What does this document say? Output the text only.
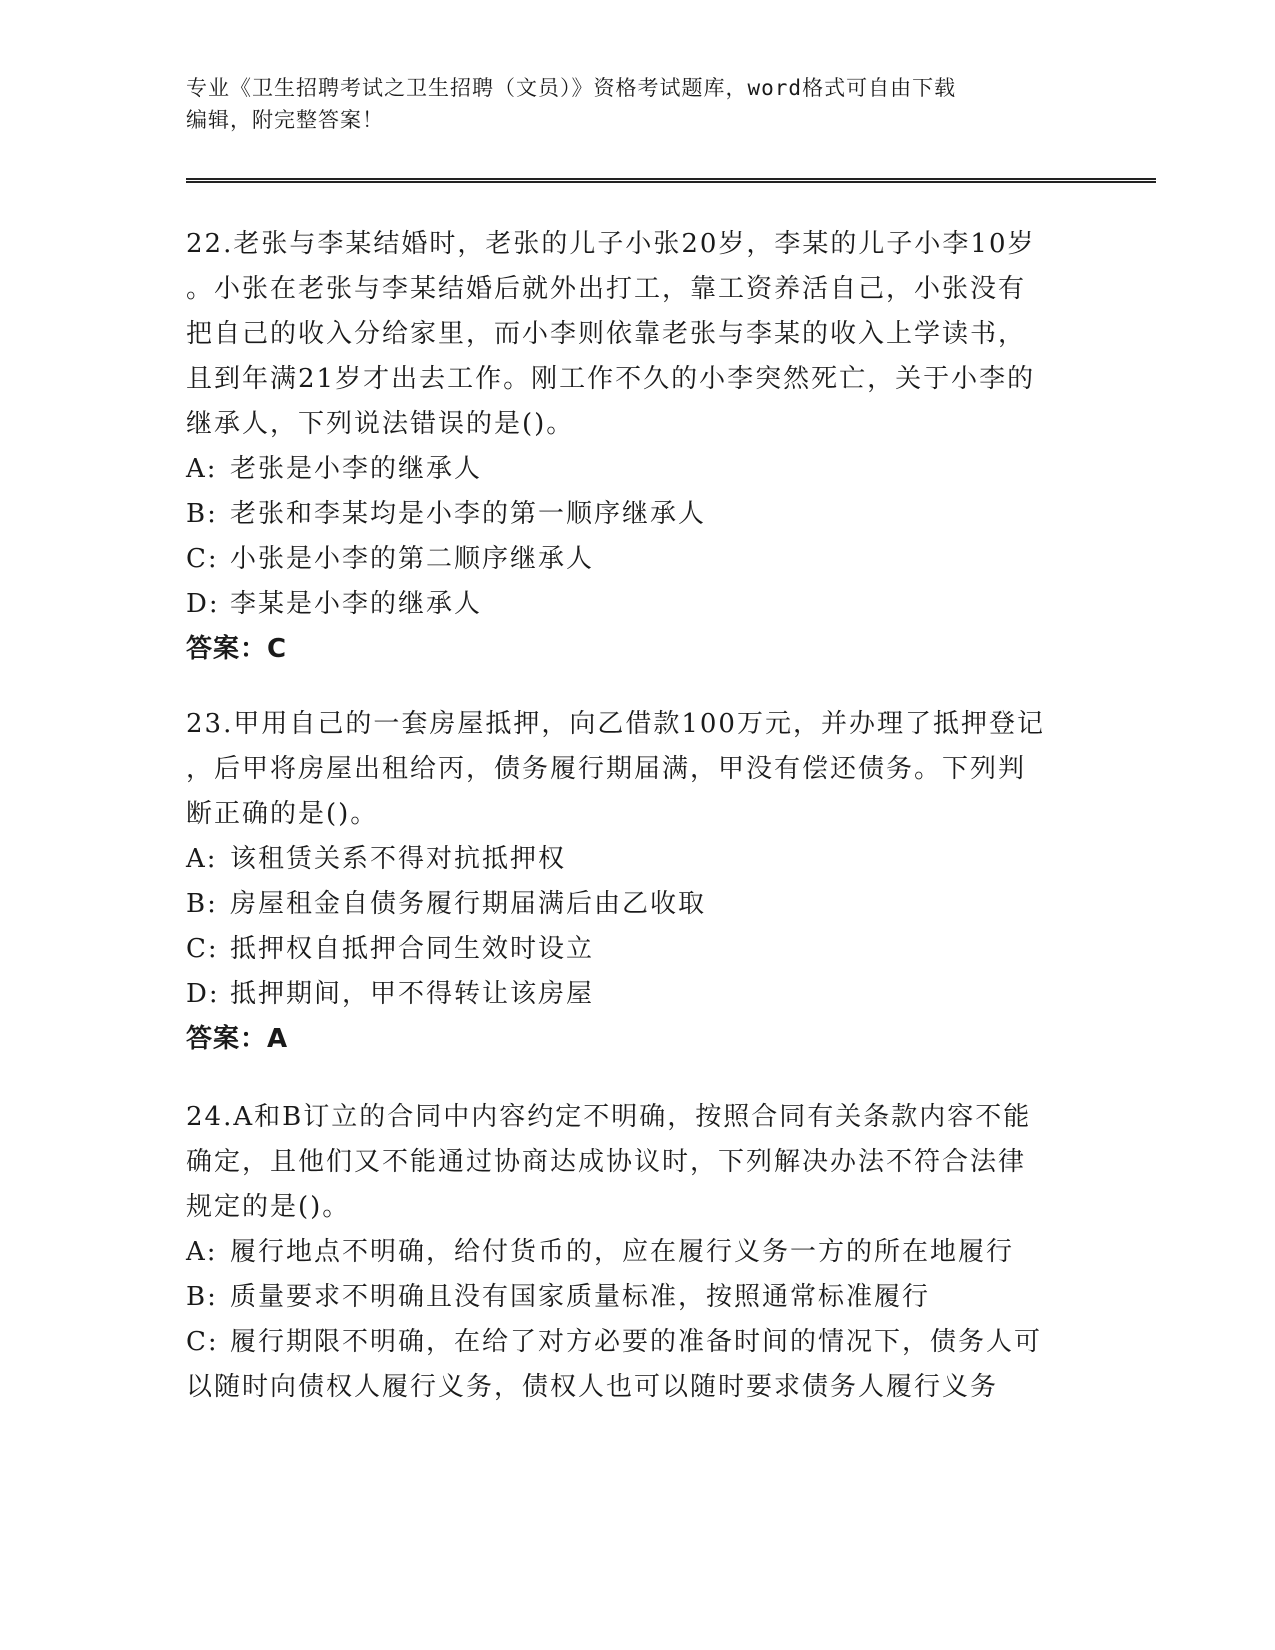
专业《卫生招聘考试之卫生招聘（文员）》资格考试题库，word格式可自由下载
编辑，附完整答案！

22.老张与李某结婚时，老张的儿子小张20岁，李某的儿子小李10岁

。小张在老张与李某结婚后就外出打工，靠工资养活自己，小张没有

把自己的收入分给家里，而小李则依靠老张与李某的收入上学读书，

且到年满21岁才出去工作。刚工作不久的小李突然死亡，关于小李的

继承人，下列说法错误的是()。

A: 老张是小李的继承人

B: 老张和李某均是小李的第一顺序继承人

C: 小张是小李的第二顺序继承人

D: 李某是小李的继承人

答案：C

23.甲用自己的一套房屋抵押，向乙借款100万元，并办理了抵押登记

，后甲将房屋出租给丙，债务履行期届满，甲没有偿还债务。下列判

断正确的是()。

A: 该租赁关系不得对抗抵押权

B: 房屋租金自债务履行期届满后由乙收取

C: 抵押权自抵押合同生效时设立

D: 抵押期间，甲不得转让该房屋

答案：A

24.A和B订立的合同中内容约定不明确，按照合同有关条款内容不能

确定，且他们又不能通过协商达成协议时，下列解决办法不符合法律

规定的是()。

A: 履行地点不明确，给付货币的，应在履行义务一方的所在地履行

B: 质量要求不明确且没有国家质量标准，按照通常标准履行

C: 履行期限不明确，在给了对方必要的准备时间的情况下，债务人可

以随时向债权人履行义务，债权人也可以随时要求债务人履行义务
